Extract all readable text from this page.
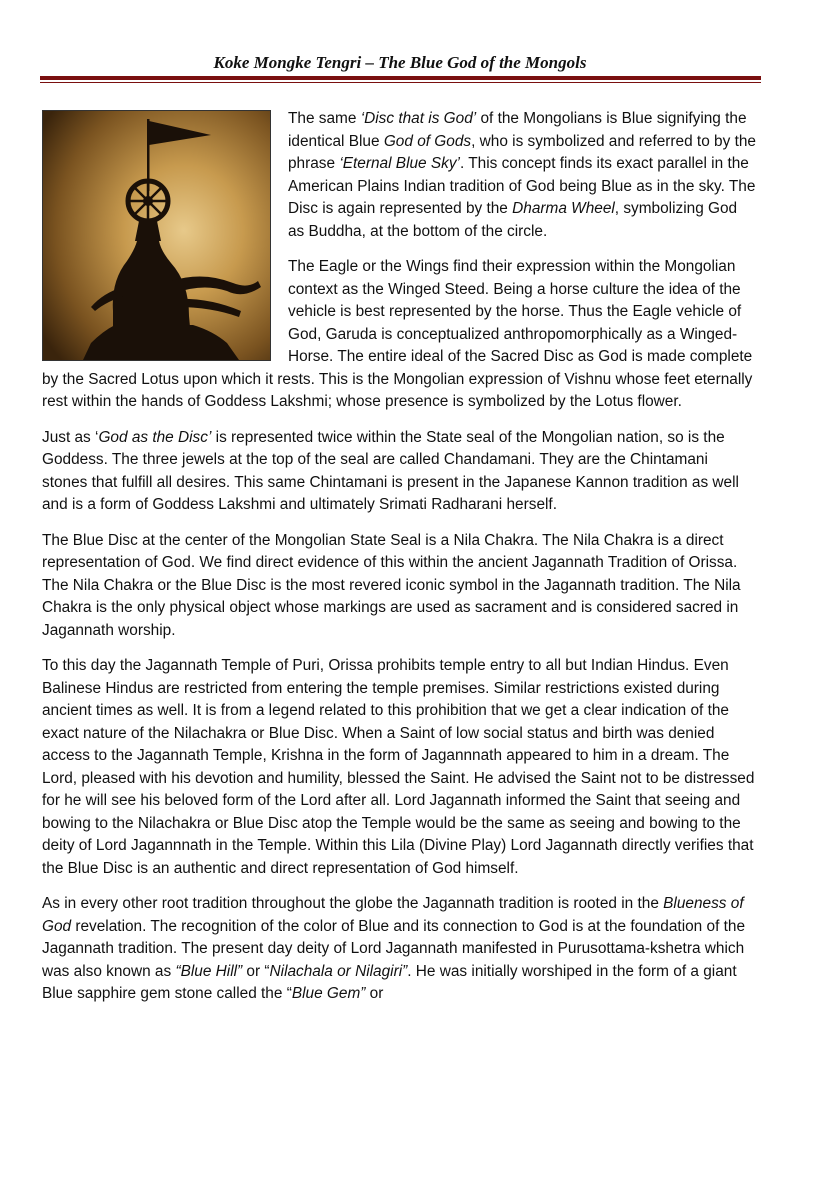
Koke Mongke Tengri – The Blue God of the Mongols

The same ‘Disc that is God’ of the Mongolians is Blue signifying the identical Blue God of Gods, who is symbolized and referred to by the phrase ‘Eternal Blue Sky’. This concept finds its exact parallel in the American Plains Indian tradition of God being Blue as in the sky. The Disc is again represented by the Dharma Wheel, symbolizing God as Buddha, at the bottom of the circle.

The Eagle or the Wings find their expression within the Mongolian context as the Winged Steed. Being a horse culture the idea of the vehicle is best represented by the horse. Thus the Eagle vehicle of God, Garuda is conceptualized anthropomorphically as a Winged-Horse. The entire ideal of the Sacred Disc as God is made complete by the Sacred Lotus upon which it rests. This is the Mongolian expression of Vishnu whose feet eternally rest within the hands of Goddess Lakshmi; whose presence is symbolized by the Lotus flower.

Just as ‘God as the Disc’ is represented twice within the State seal of the Mongolian nation, so is the Goddess. The three jewels at the top of the seal are called Chandamani. They are the Chintamani stones that fulfill all desires. This same Chintamani is present in the Japanese Kannon tradition as well and is a form of Goddess Lakshmi and ultimately Srimati Radharani herself.

The Blue Disc at the center of the Mongolian State Seal is a Nila Chakra. The Nila Chakra is a direct representation of God. We find direct evidence of this within the ancient Jagannath Tradition of Orissa. The Nila Chakra or the Blue Disc is the most revered iconic symbol in the Jagannath tradition. The Nila Chakra is the only physical object whose markings are used as sacrament and is considered sacred in Jagannath worship.

To this day the Jagannath Temple of Puri, Orissa prohibits temple entry to all but Indian Hindus. Even Balinese Hindus are restricted from entering the temple premises. Similar restrictions existed during ancient times as well. It is from a legend related to this prohibition that we get a clear indication of the exact nature of the Nilachakra or Blue Disc. When a Saint of low social status and birth was denied access to the Jagannath Temple, Krishna in the form of Jagannnath appeared to him in a dream. The Lord, pleased with his devotion and humility, blessed the Saint. He advised the Saint not to be distressed for he will see his beloved form of the Lord after all. Lord Jagannath informed the Saint that seeing and bowing to the Nilachakra or Blue Disc atop the Temple would be the same as seeing and bowing to the deity of Lord Jagannnath in the Temple. Within this Lila (Divine Play) Lord Jagannath directly verifies that the Blue Disc is an authentic and direct representation of God himself.

As in every other root tradition throughout the globe the Jagannath tradition is rooted in the Blueness of God revelation. The recognition of the color of Blue and its connection to God is at the foundation of the Jagannath tradition. The present day deity of Lord Jagannath manifested in Purusottama-kshetra which was also known as “Blue Hill” or “Nilachala or Nilagiri”. He was initially worshiped in the form of a giant Blue sapphire gem stone called the “Blue Gem” or
